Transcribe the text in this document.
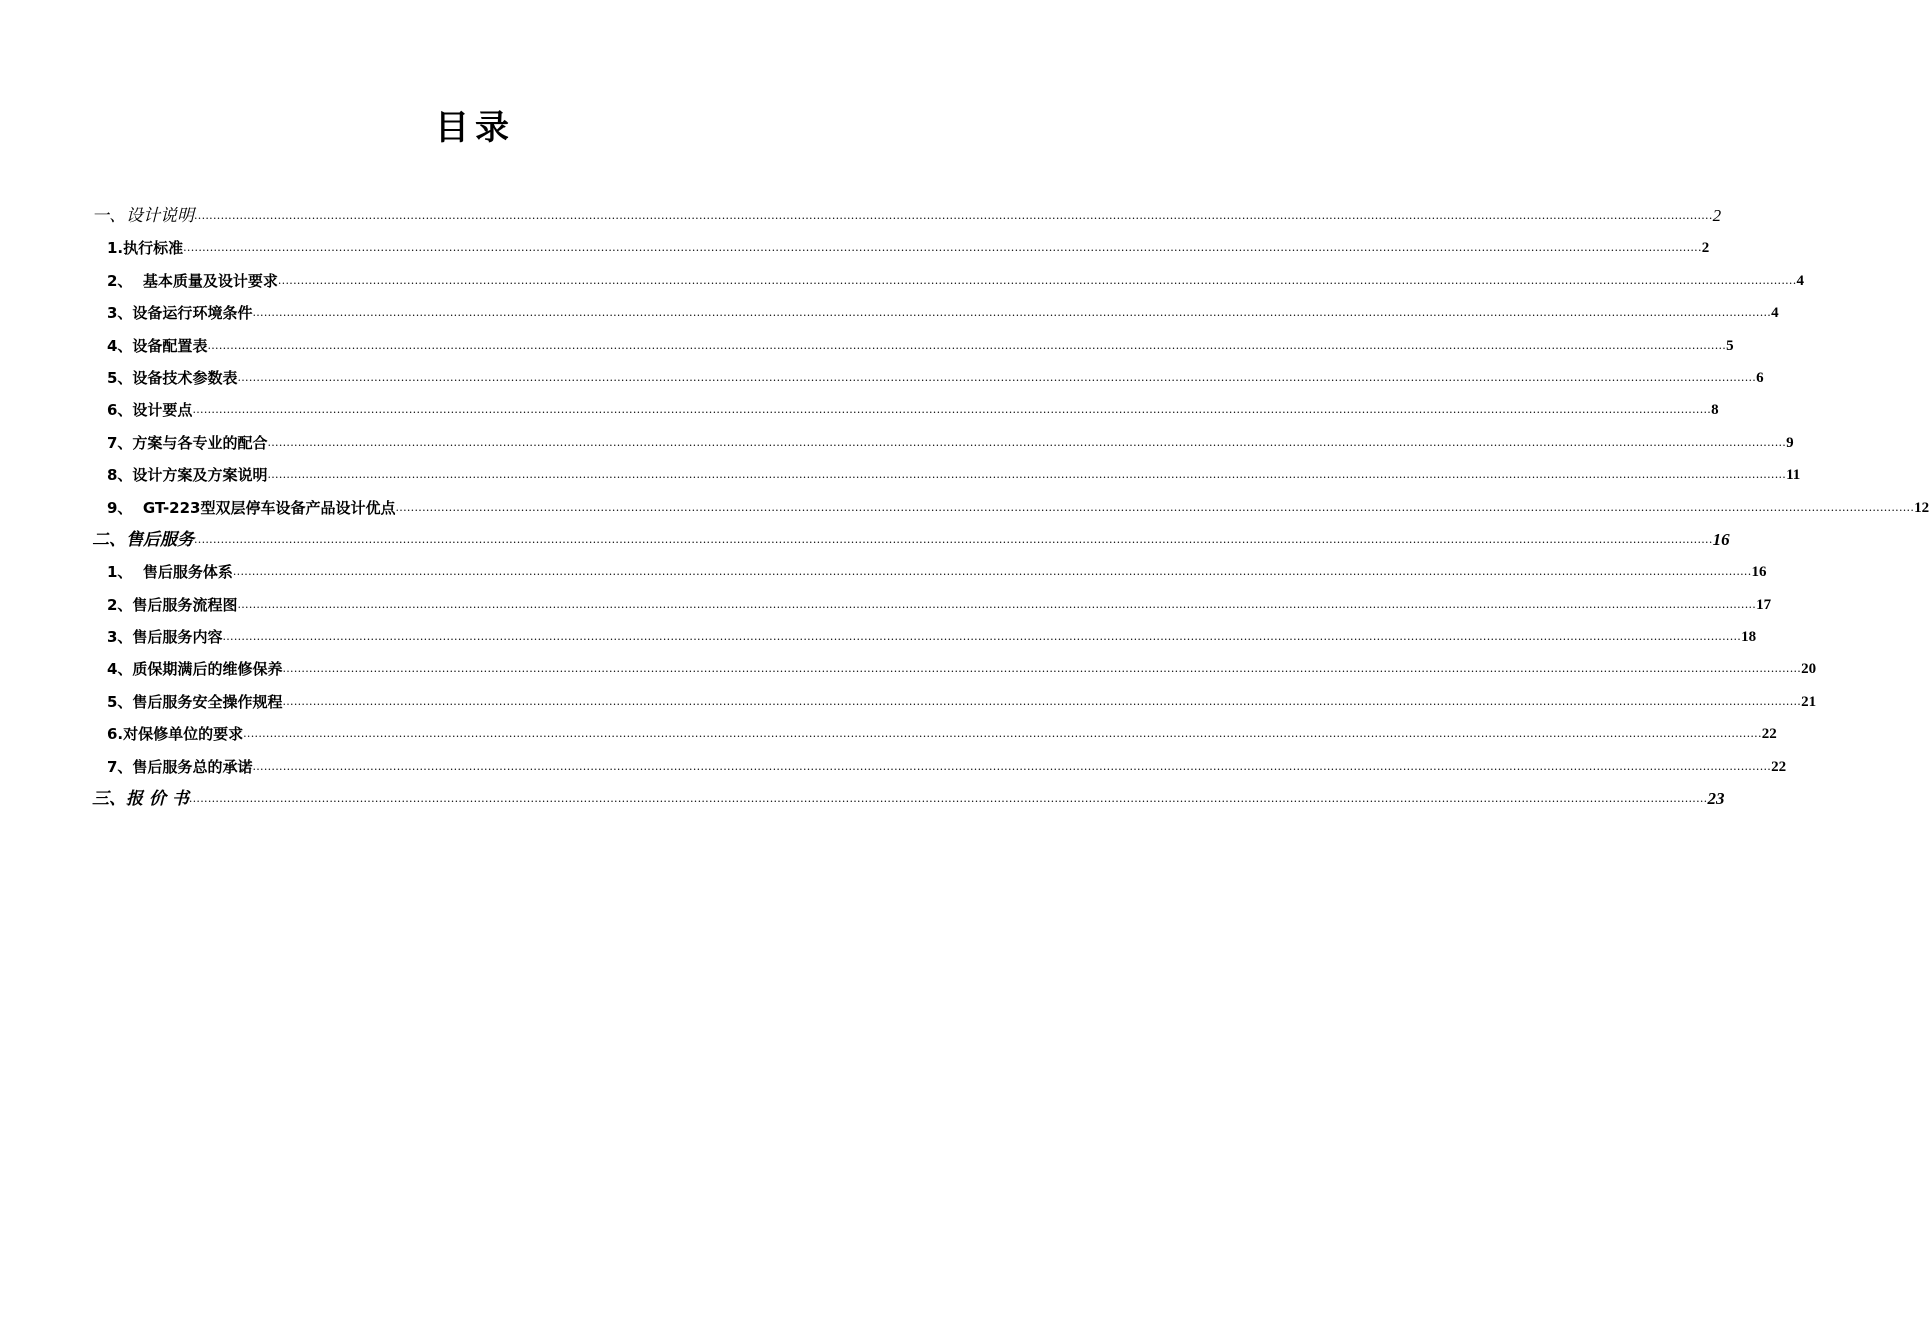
目录
一、设计说明 ................................................................................................................................................................................................................................................................................................................................................................................................................ 2
1.执行标准 ................................................................................................................................................................................................................................................................................................................................................................................................................ 2
2、  基本质量及设计要求 ................................................................................................................................................................................................................................................................................................................................................................................................................ 4
3、设备运行环境条件 ................................................................................................................................................................................................................................................................................................................................................................................................................ 4
4、设备配置表 ................................................................................................................................................................................................................................................................................................................................................................................................................ 5
5、设备技术参数表 ................................................................................................................................................................................................................................................................................................................................................................................................................ 6
6、设计要点 ................................................................................................................................................................................................................................................................................................................................................................................................................ 8
7、方案与各专业的配合 ................................................................................................................................................................................................................................................................................................................................................................................................................ 9
8、设计方案及方案说明 ................................................................................................................................................................................................................................................................................................................................................................................................................ 11
9、  GT-223型双层停车设备产品设计优点 ................................................................................................................................................................................................................................................................................................................................................................................................................ 12
二、售后服务 ................................................................................................................................................................................................................................................................................................................................................................................................................ 16
1、  售后服务体系 ................................................................................................................................................................................................................................................................................................................................................................................................................ 16
2、售后服务流程图 ................................................................................................................................................................................................................................................................................................................................................................................................................ 17
3、售后服务内容 ................................................................................................................................................................................................................................................................................................................................................................................................................ 18
4、质保期满后的维修保养 ................................................................................................................................................................................................................................................................................................................................................................................................................ 20
5、售后服务安全操作规程 ................................................................................................................................................................................................................................................................................................................................................................................................................ 21
6.对保修单位的要求 ................................................................................................................................................................................................................................................................................................................................................................................................................ 22
7、售后服务总的承诺 ................................................................................................................................................................................................................................................................................................................................................................................................................ 22
三、报 价 书 ................................................................................................................................................................................................................................................................................................................................................................................................................ 23
